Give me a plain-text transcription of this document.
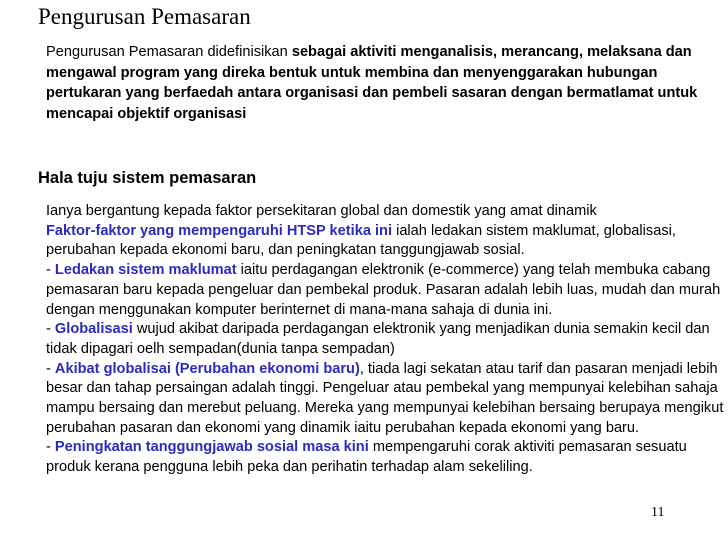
Pengurusan Pemasaran
Pengurusan Pemasaran didefinisikan sebagai aktiviti menganalisis, merancang, melaksana dan mengawal program yang direka bentuk untuk membina dan menyenggarakan hubungan pertukaran yang berfaedah antara organisasi dan pembeli sasaran dengan bermatlamat untuk mencapai objektif organisasi
Hala tuju sistem pemasaran

Ianya bergantung kepada faktor persekitaran global dan domestik yang amat dinamik

Faktor-faktor yang mempengaruhi HTSP ketika ini ialah ledakan sistem maklumat, globalisasi, perubahan kepada ekonomi baru, dan peningkatan tanggungjawab sosial.

- Ledakan sistem maklumat iaitu perdagangan elektronik (e-commerce) yang telah membuka cabang pemasaran baru kepada pengeluar dan pembekal produk. Pasaran adalah lebih luas, mudah dan murah dengan menggunakan komputer berinternet di mana-mana sahaja di dunia ini.

- Globalisasi wujud akibat daripada perdagangan elektronik yang menjadikan dunia semakin kecil dan tidak dipagari oelh sempadan(dunia tanpa sempadan)

- Akibat globalisai (Perubahan ekonomi baru), tiada lagi sekatan atau tarif dan pasaran menjadi lebih besar dan tahap persaingan adalah tinggi. Pengeluar atau pembekal yang mempunyai kelebihan sahaja mampu bersaing dan merebut peluang. Mereka yang mempunyai kelebihan bersaing berupaya mengikut perubahan pasaran dan ekonomi yang dinamik iaitu perubahan kepada ekonomi yang baru.

- Peningkatan tanggungjawab sosial masa kini mempengaruhi corak aktiviti pemasaran sesuatu produk kerana pengguna lebih peka dan perihatin terhadap alam sekeliling.

11
